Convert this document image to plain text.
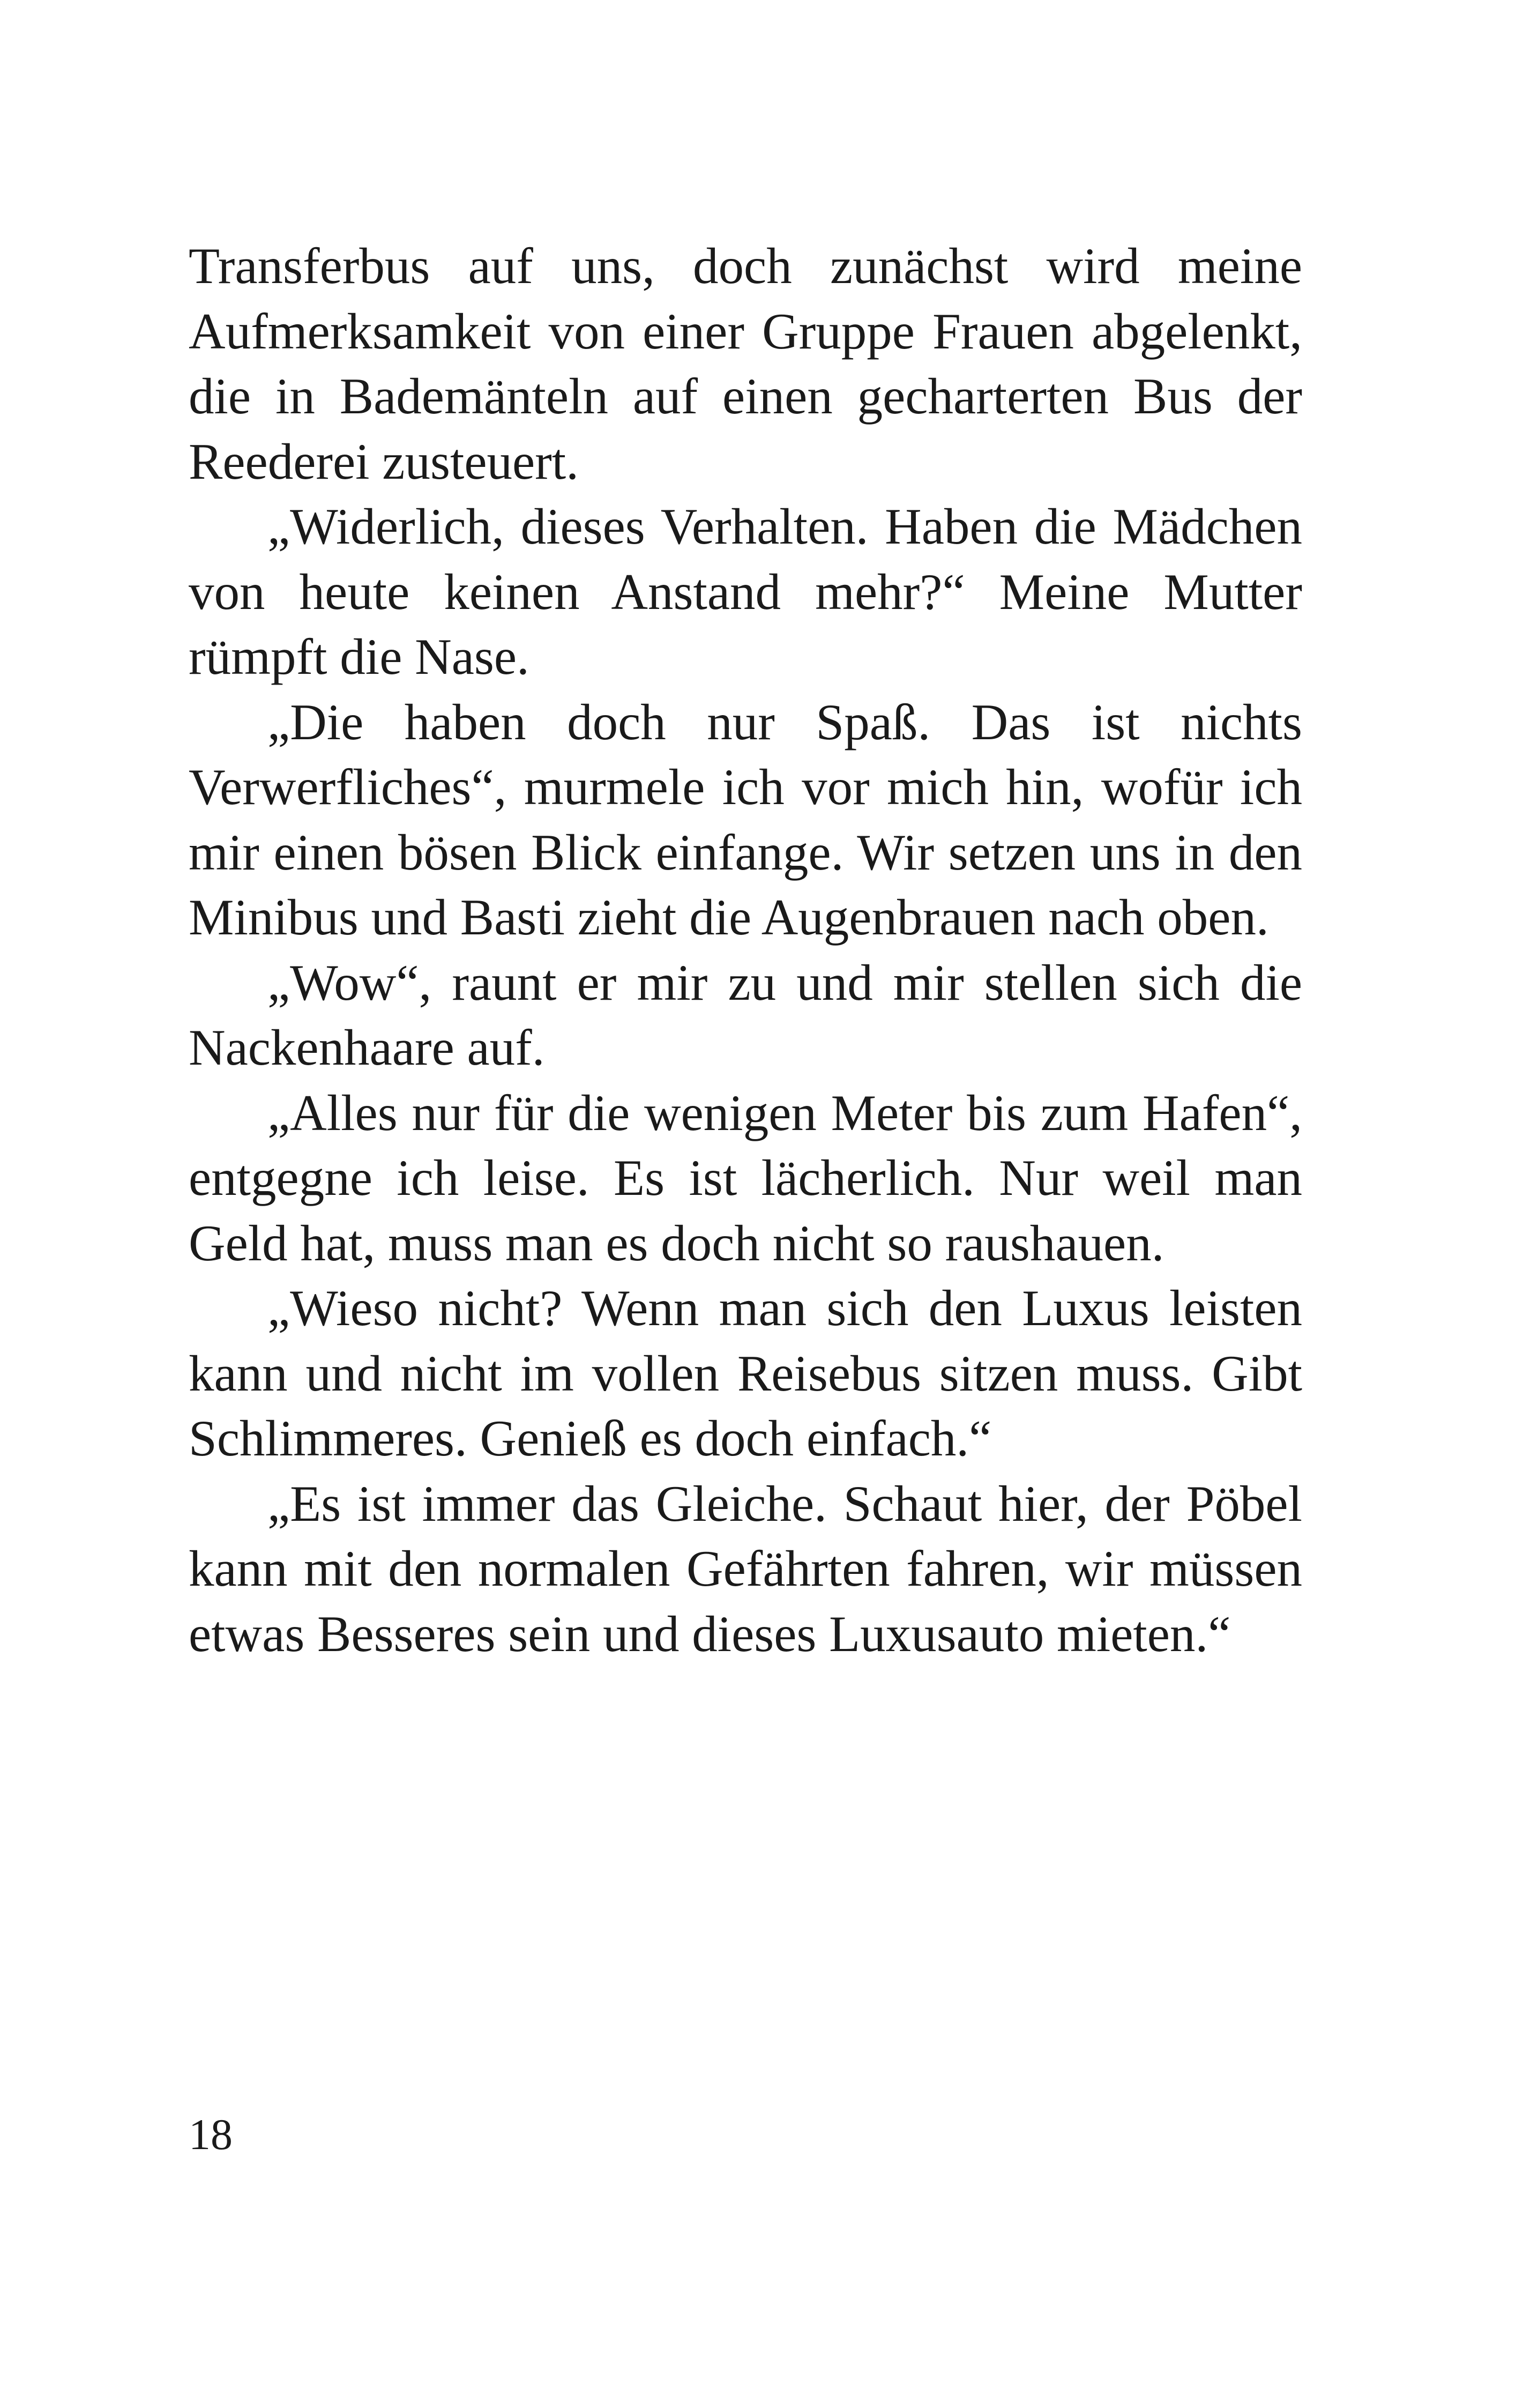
Transferbus auf uns, doch zunächst wird meine Aufmerksamkeit von einer Gruppe Frauen abgelenkt, die in Bademänteln auf einen gecharterten Bus der Reederei zusteuert.

„Widerlich, dieses Verhalten. Haben die Mädchen von heute keinen Anstand mehr?“ Meine Mutter rümpft die Nase.

„Die haben doch nur Spaß. Das ist nichts Verwerfliches“, murmele ich vor mich hin, wofür ich mir einen bösen Blick einfange. Wir setzen uns in den Minibus und Basti zieht die Augenbrauen nach oben.

„Wow“, raunt er mir zu und mir stellen sich die Nackenhaare auf.

„Alles nur für die wenigen Meter bis zum Hafen“, entgegne ich leise. Es ist lächerlich. Nur weil man Geld hat, muss man es doch nicht so raushauen.

„Wieso nicht? Wenn man sich den Luxus leisten kann und nicht im vollen Reisebus sitzen muss. Gibt Schlimmeres. Genieß es doch einfach.“

„Es ist immer das Gleiche. Schaut hier, der Pöbel kann mit den normalen Gefährten fahren, wir müssen etwas Besseres sein und dieses Luxusauto mieten.“

18
